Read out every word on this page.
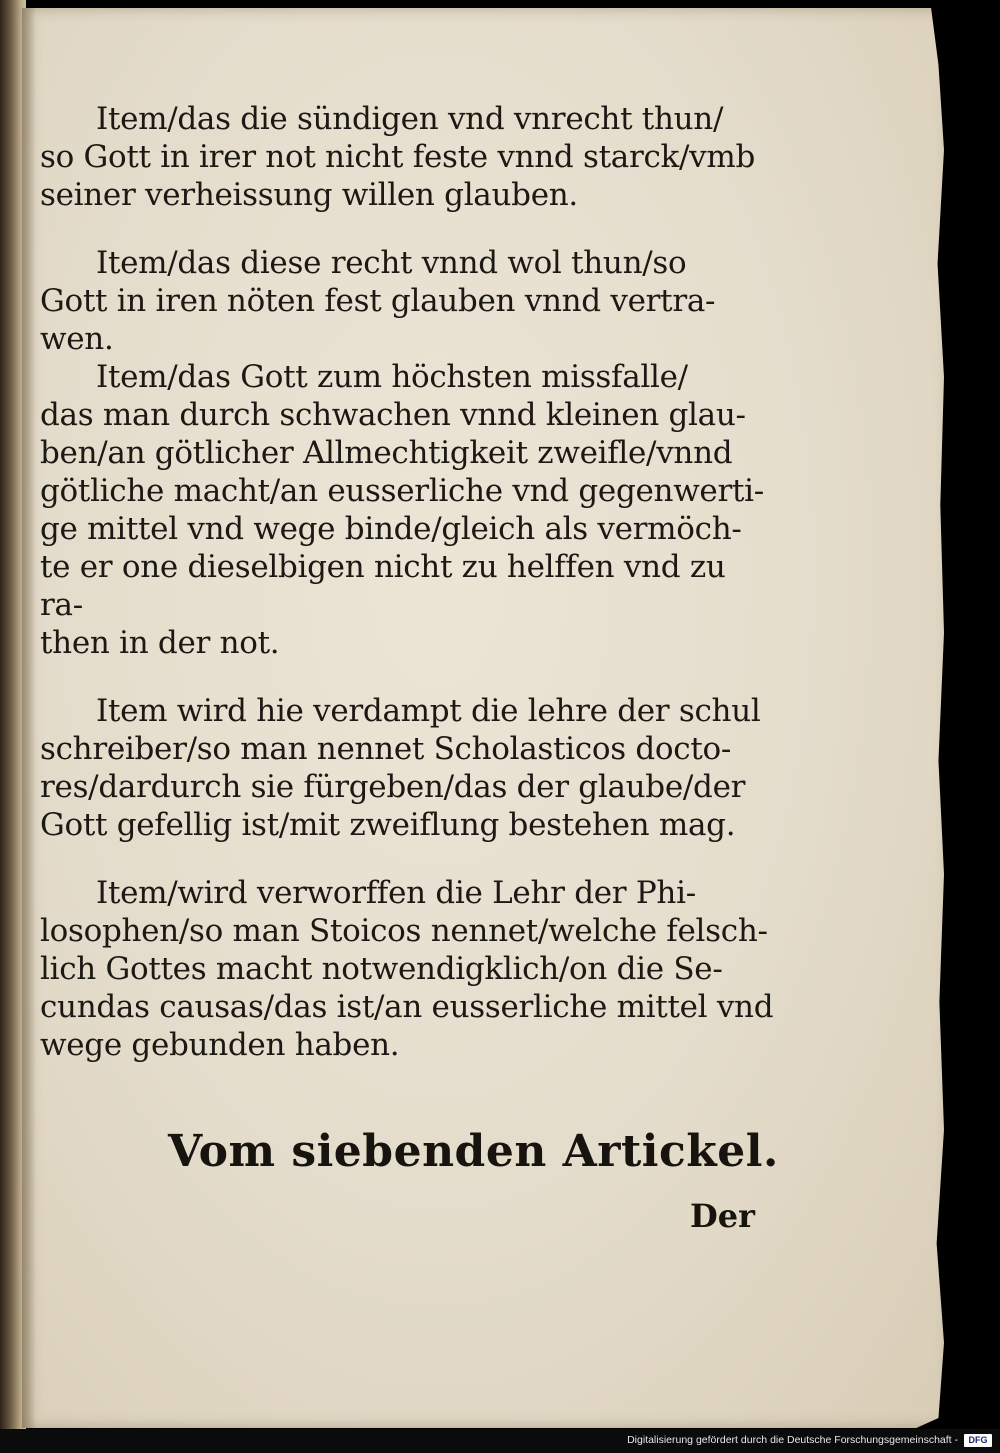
Item/das die sündigen vnd vnrecht thun/
so Gott in irer not nicht feste vnnd starck/vmb
seiner verheissung willen glauben.

Item/das diese recht vnnd wol thun/so
Gott in iren nöten fest glauben vnnd vertra-
wen.

Item/das Gott zum höchsten missfalle/
das man durch schwachen vnnd kleinen glau-
ben/an götlicher Allmechtigkeit zweifle/vnnd
götliche macht/an eusserliche vnd gegenwerti-
ge mittel vnd wege binde/gleich als vermöch-
te er one dieselbigen nicht zu helffen vnd zu ra-
then in der not.

Item wird hie verdampt die lehre der schul
schreiber/so man nennet Scholasticos docto-
res/dardurch sie fürgeben/das der glaube/der
Gott gefellig ist/mit zweiflung bestehen mag.

Item/wird verworffen die Lehr der Phi-
losophen/so man Stoicos nennet/welche felsch-
lich Gottes macht notwendigklich/on die Se-
cundas causas/das ist/an eusserliche mittel vnd
wege gebunden haben.

Vom siebenden Artickel.
Der
Digitalisierung gefördert durch die Deutsche Forschungsgemeinschaft -	DFG
